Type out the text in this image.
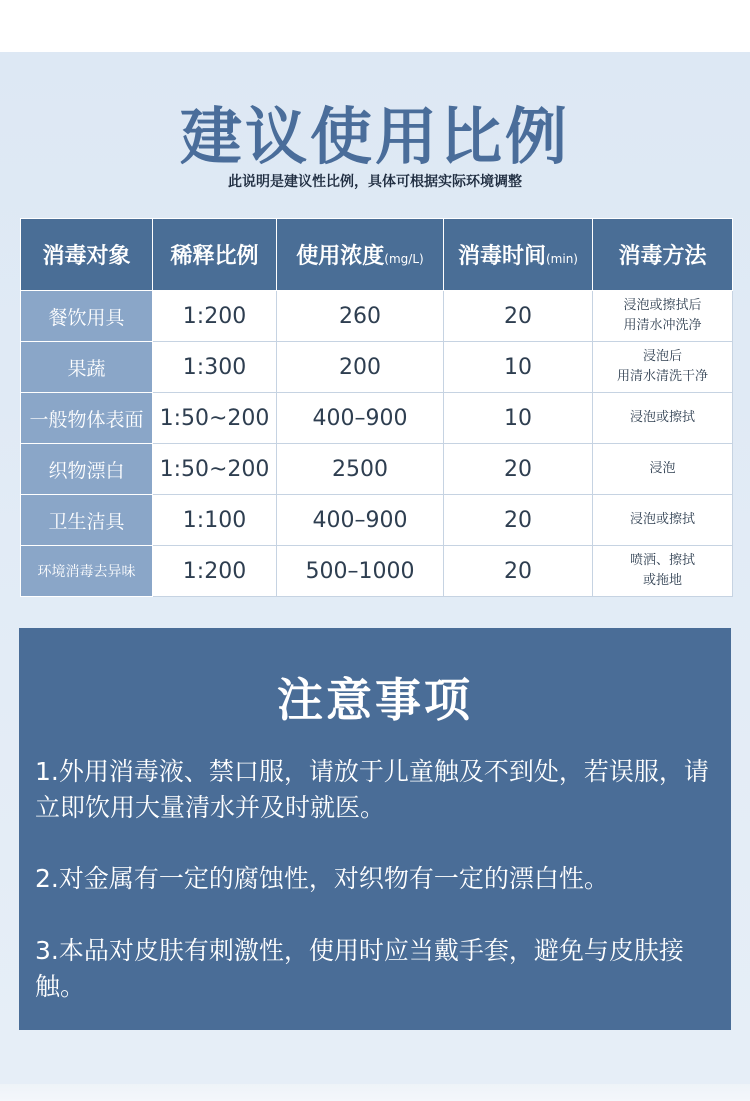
建议使用比例

此说明是建议性比例，具体可根据实际环境调整

消毒对象	稀释比例	使用浓度(mg/L)	消毒时间(min)	消毒方法
餐饮用具	1:200	260	20	浸泡或擦拭后
用清水冲洗净

果蔬	1:300	200	10	浸泡后
用清水清洗干净

一般物体表面	1:50~200	400–900	10	浸泡或擦拭

织物漂白	1:50~200	2500	20	浸泡

卫生洁具	1:100	400–900	20	浸泡或擦拭

环境消毒去异味	1:200	500–1000	20	喷洒、擦拭
或拖地
注意事项

1.外用消毒液、禁口服，请放于儿童触及不到处，若误服，请立即饮用大量清水并及时就医。

2.对金属有一定的腐蚀性，对织物有一定的漂白性。

3.本品对皮肤有刺激性，使用时应当戴手套，避免与皮肤接触。
